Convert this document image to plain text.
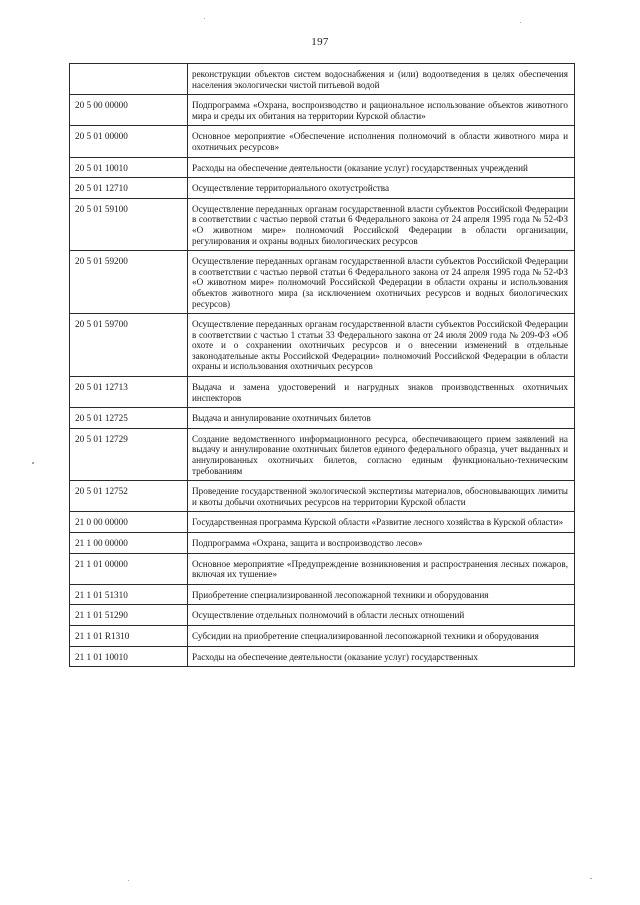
197
	реконструкции объектов систем водоснабжения и (или) водоотведения в целях обеспечения населения экологически чистой питьевой водой
20 5 00 00000	Подпрограмма «Охрана, воспроизводство и рациональное использование объектов животного мира и среды их обитания на территории Курской области»
20 5 01 00000	Основное мероприятие «Обеспечение исполнения полномочий в области животного мира и охотничьих ресурсов»
20 5 01 10010	Расходы на обеспечение деятельности (оказание услуг) государственных учреждений
20 5 01 12710	Осуществление территориального охотустройства
20 5 01 59100	Осуществление переданных органам государственной власти субъектов Российской Федерации в соответствии с частью первой статьи 6 Федерального закона от 24 апреля 1995 года № 52-ФЗ «О животном мире» полномочий Российской Федерации в области организации, регулирования и охраны водных биологических ресурсов
20 5 01 59200	Осуществление переданных органам государственной власти субъектов Российской Федерации в соответствии с частью первой статьи 6 Федерального закона от 24 апреля 1995 года № 52-ФЗ «О животном мире» полномочий Российской Федерации в области охраны и использования объектов животного мира (за исключением охотничьих ресурсов и водных биологических ресурсов)
20 5 01 59700	Осуществление переданных органам государственной власти субъектов Российской Федерации в соответствии с частью 1 статьи 33 Федерального закона от 24 июля 2009 года № 209-ФЗ «Об охоте и о сохранении охотничьих ресурсов и о внесении изменений в отдельные законодательные акты Российской Федерации» полномочий Российской Федерации в области охраны и использования охотничьих ресурсов
20 5 01 12713	Выдача и замена удостоверений и нагрудных знаков производственных охотничьих инспекторов
20 5 01 12725	Выдача и аннулирование охотничьих билетов
20 5 01 12729	Создание ведомственного информационного ресурса, обеспечивающего прием заявлений на выдачу и аннулирование охотничьих билетов единого федерального образца, учет выданных и аннулированных охотничьих билетов, согласно единым функционально-техническим требованиям
20 5 01 12752	Проведение государственной экологической экспертизы материалов, обосновывающих лимиты и квоты добычи охотничьих ресурсов на территории Курской области
21 0 00 00000	Государственная программа Курской области «Развитие лесного хозяйства в Курской области»
21 1 00 00000	Подпрограмма «Охрана, защита и воспроизводство лесов»
21 1 01 00000	Основное мероприятие «Предупреждение возникновения и распространения лесных пожаров, включая их тушение»
21 1 01 51310	Приобретение специализированной лесопожарной техники и оборудования
21 1 01 51290	Осуществление отдельных полномочий в области лесных отношений
21 1 01 R1310	Субсидии на приобретение специализированной лесопожарной техники и оборудования
21 1 01 10010	Расходы на обеспечение деятельности (оказание услуг) государственных
